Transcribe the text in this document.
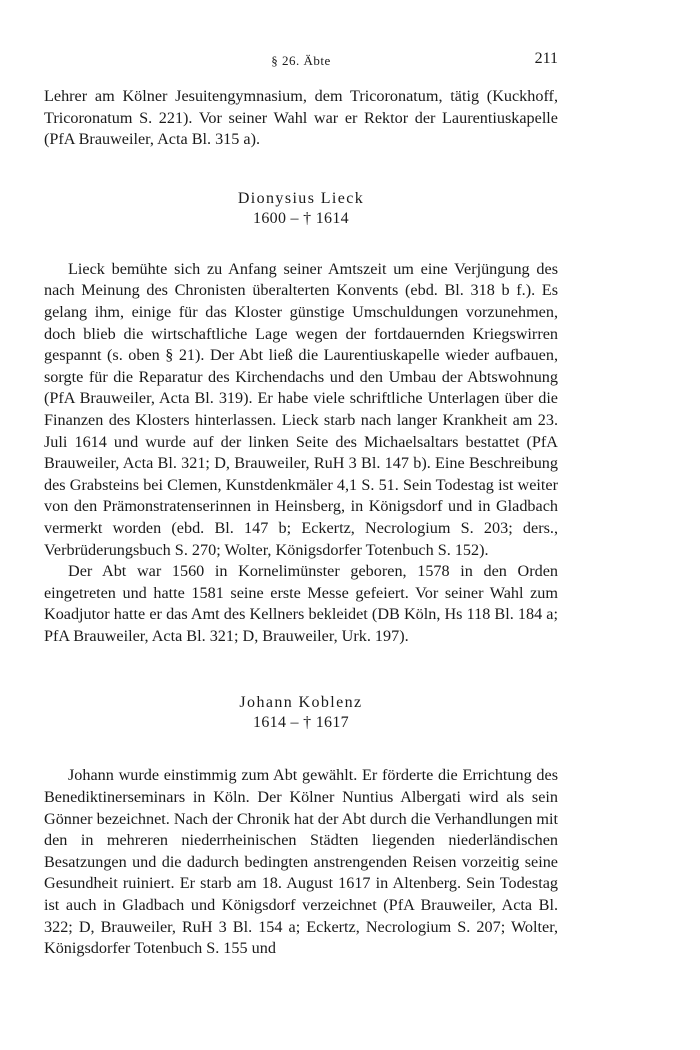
§ 26. Äbte	211

Lehrer am Kölner Jesuitengymnasium, dem Tricoronatum, tätig (Kuckhoff, Tricoronatum S. 221). Vor seiner Wahl war er Rektor der Laurentiuskapelle (PfA Brauweiler, Acta Bl. 315 a).

Dionysius Lieck
1600 – † 1614

Lieck bemühte sich zu Anfang seiner Amtszeit um eine Verjüngung des nach Meinung des Chronisten überalterten Konvents (ebd. Bl. 318 b f.). Es gelang ihm, einige für das Kloster günstige Umschuldungen vorzunehmen, doch blieb die wirtschaftliche Lage wegen der fortdauernden Kriegswirren gespannt (s. oben § 21). Der Abt ließ die Laurentiuskapelle wieder aufbauen, sorgte für die Reparatur des Kirchendachs und den Umbau der Abtswohnung (PfA Brauweiler, Acta Bl. 319). Er habe viele schriftliche Unterlagen über die Finanzen des Klosters hinterlassen. Lieck starb nach langer Krankheit am 23. Juli 1614 und wurde auf der linken Seite des Michaelsaltars bestattet (PfA Brauweiler, Acta Bl. 321; D, Brauweiler, RuH 3 Bl. 147 b). Eine Beschreibung des Grabsteins bei Clemen, Kunstdenkmäler 4,1 S. 51. Sein Todestag ist weiter von den Prämonstratenserinnen in Heinsberg, in Königsdorf und in Gladbach vermerkt worden (ebd. Bl. 147 b; Eckertz, Necrologium S. 203; ders., Verbrüderungsbuch S. 270; Wolter, Königsdorfer Totenbuch S. 152).

Der Abt war 1560 in Kornelimünster geboren, 1578 in den Orden eingetreten und hatte 1581 seine erste Messe gefeiert. Vor seiner Wahl zum Koadjutor hatte er das Amt des Kellners bekleidet (DB Köln, Hs 118 Bl. 184 a; PfA Brauweiler, Acta Bl. 321; D, Brauweiler, Urk. 197).

Johann Koblenz
1614 – † 1617

Johann wurde einstimmig zum Abt gewählt. Er förderte die Errichtung des Benediktinerseminars in Köln. Der Kölner Nuntius Albergati wird als sein Gönner bezeichnet. Nach der Chronik hat der Abt durch die Verhandlungen mit den in mehreren niederrheinischen Städten liegenden niederländischen Besatzungen und die dadurch bedingten anstrengenden Reisen vorzeitig seine Gesundheit ruiniert. Er starb am 18. August 1617 in Altenberg. Sein Todestag ist auch in Gladbach und Königsdorf verzeichnet (PfA Brauweiler, Acta Bl. 322; D, Brauweiler, RuH 3 Bl. 154 a; Eckertz, Necrologium S. 207; Wolter, Königsdorfer Totenbuch S. 155 und
